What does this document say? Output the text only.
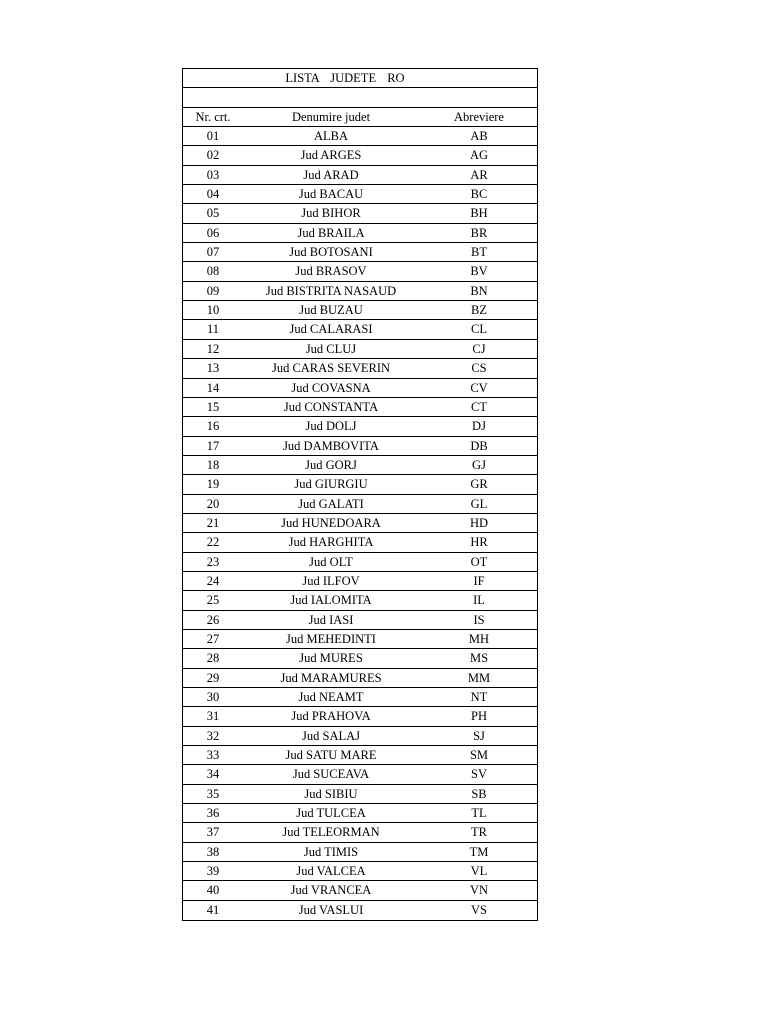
LISTA JUDETE RO
Nr. crt.	Denumire judet	Abreviere
01	ALBA	AB
02	Jud ARGES	AG
03	Jud ARAD	AR
04	Jud BACAU	BC
05	Jud BIHOR	BH
06	Jud BRAILA	BR
07	Jud BOTOSANI	BT
08	Jud BRASOV	BV
09	Jud BISTRITA NASAUD	BN
10	Jud BUZAU	BZ
11	Jud CALARASI	CL
12	Jud CLUJ	CJ
13	Jud CARAS SEVERIN	CS
14	Jud COVASNA	CV
15	Jud CONSTANTA	CT
16	Jud DOLJ	DJ
17	Jud DAMBOVITA	DB
18	Jud GORJ	GJ
19	Jud GIURGIU	GR
20	Jud GALATI	GL
21	Jud HUNEDOARA	HD
22	Jud HARGHITA	HR
23	Jud OLT	OT
24	Jud ILFOV	IF
25	Jud IALOMITA	IL
26	Jud IASI	IS
27	Jud MEHEDINTI	MH
28	Jud MURES	MS
29	Jud MARAMURES	MM
30	Jud NEAMT	NT
31	Jud PRAHOVA	PH
32	Jud SALAJ	SJ
33	Jud SATU MARE	SM
34	Jud SUCEAVA	SV
35	Jud SIBIU	SB
36	Jud TULCEA	TL
37	Jud TELEORMAN	TR
38	Jud TIMIS	TM
39	Jud VALCEA	VL
40	Jud VRANCEA	VN
41	Jud VASLUI	VS
